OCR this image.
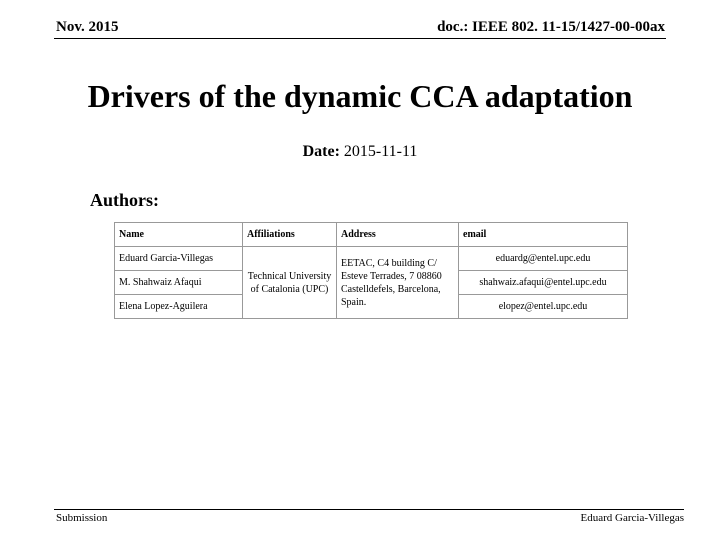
Nov. 2015	doc.: IEEE 802. 11-15/1427-00-00ax
Drivers of the dynamic CCA adaptation
Date: 2015-11-11
Authors:
Name	Affiliations	Address	email
Eduard Garcia-Villegas	Technical University of Catalonia (UPC)	EETAC, C4 building C/ Esteve Terrades, 7 08860 Castelldefels, Barcelona, Spain.	eduardg@entel.upc.edu
M. Shahwaiz Afaqui			shahwaiz.afaqui@entel.upc.edu
Elena Lopez-Aguilera			elopez@entel.upc.edu
Submission	Eduard Garcia-Villegas
